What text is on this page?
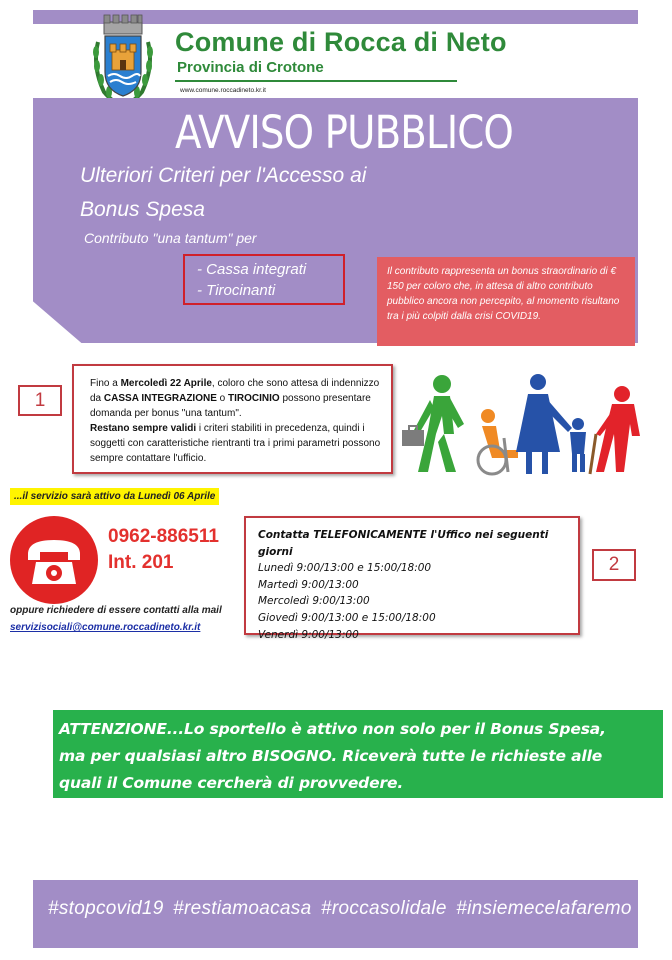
Comune di Rocca di Neto
Provincia di Crotone
www.comune.roccadineto.kr.it
AVVISO PUBBLICO
Ulteriori Criteri per l'Accesso ai
Bonus Spesa
Contributo "una tantum" per
- Cassa integrati
- Tirocinanti
Il contributo rappresenta un bonus straordinario di € 150 per coloro che, in attesa di altro contributo pubblico ancora non percepito, al momento risultano tra i più colpiti dalla crisi COVID19.
1
Fino a Mercoledì 22 Aprile, coloro che sono attesa di indennizzo da CASSA INTEGRAZIONE o TIROCINIO possono presentare domanda per bonus "una tantum".
Restano sempre validi i criteri stabiliti in precedenza, quindi i soggetti con caratteristiche rientranti tra i primi parametri possono sempre contattare l'ufficio.
...il servizio sarà attivo da Lunedì 06 Aprile
0962-886511
Int. 201
oppure richiedere di essere contatti alla mail
servizisociali@comune.roccadineto.kr.it
Contatta TELEFONICAMENTE l'Uffico nei seguenti giorni
Lunedì 9:00/13:00 e 15:00/18:00
Martedì 9:00/13:00
Mercoledì 9:00/13:00
Giovedì 9:00/13:00 e 15:00/18:00
Venerdì 9:00/13:00
2
ATTENZIONE...Lo sportello è attivo non solo per il Bonus Spesa,
ma per qualsiasi altro BISOGNO. Riceverà tutte le richieste alle
quali il Comune cercherà di provvedere.
#stopcovid19 #restiamoacasa #roccasolidale #insiemecelafaremo
